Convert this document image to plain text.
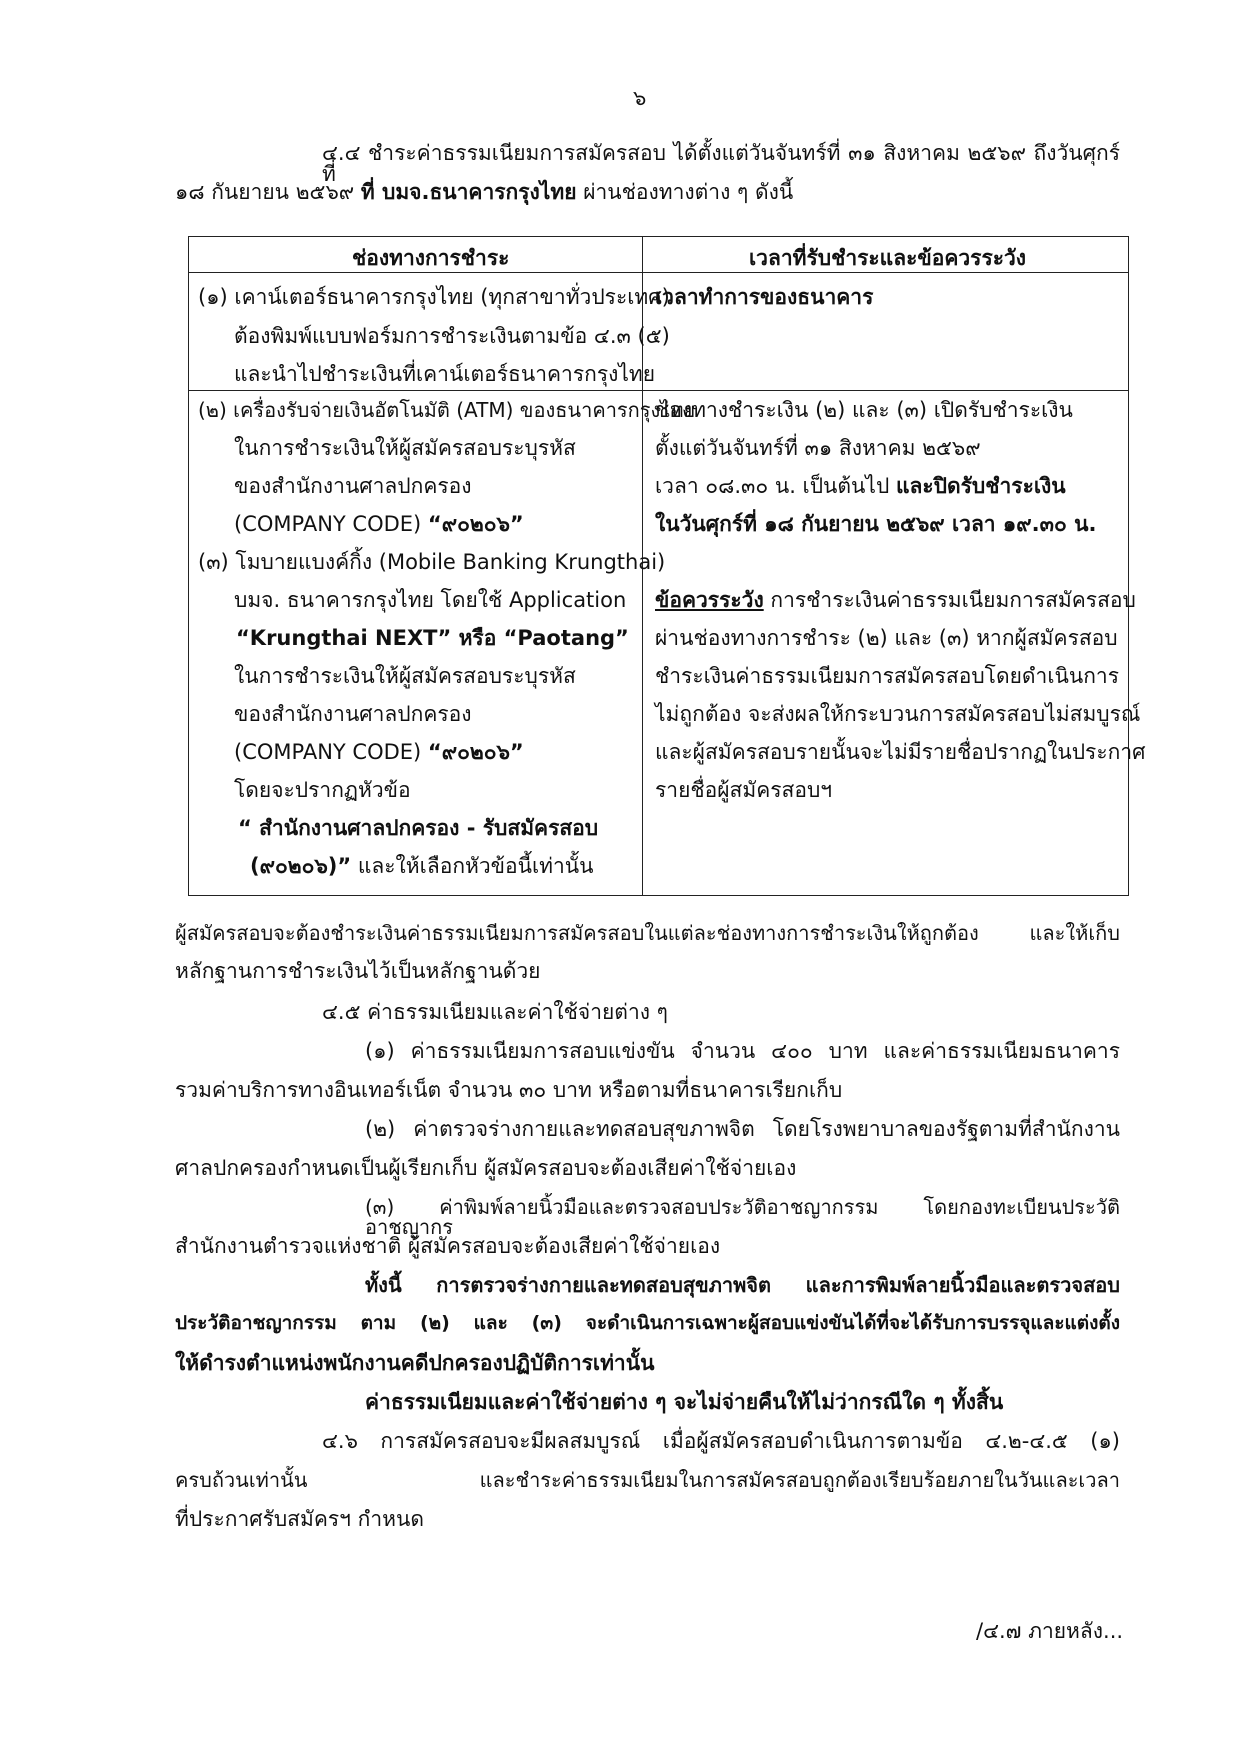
๖
๔.๔ ชำระค่าธรรมเนียมการสมัครสอบ ได้ตั้งแต่วันจันทร์ที่ ๓๑ สิงหาคม ๒๕๖๙ ถึงวันศุกร์ที่
๑๘ กันยายน ๒๕๖๙ ที่ บมจ.ธนาคารกรุงไทย ผ่านช่องทางต่าง ๆ ดังนี้
ช่องทางการชำระ	เวลาที่รับชำระและข้อควรระวัง
(๑) เคาน์เตอร์ธนาคารกรุงไทย (ทุกสาขาทั่วประเทศ)
ต้องพิมพ์แบบฟอร์มการชำระเงินตามข้อ ๔.๓ (๕)
และนำไปชำระเงินที่เคาน์เตอร์ธนาคารกรุงไทย
เวลาทำการของธนาคาร
(๒) เครื่องรับจ่ายเงินอัตโนมัติ (ATM) ของธนาคารกรุงไทย
ในการชำระเงินให้ผู้สมัครสอบระบุรหัส
ของสำนักงานศาลปกครอง
(COMPANY CODE) “๙๐๒๐๖”
(๓) โมบายแบงค์กิ้ง (Mobile Banking Krungthai)
บมจ. ธนาคารกรุงไทย โดยใช้ Application
“Krungthai NEXT” หรือ “Paotang”
ในการชำระเงินให้ผู้สมัครสอบระบุรหัส
ของสำนักงานศาลปกครอง
(COMPANY CODE) “๙๐๒๐๖”
โดยจะปรากฏหัวข้อ
“ สำนักงานศาลปกครอง - รับสมัครสอบ
(๙๐๒๐๖)” และให้เลือกหัวข้อนี้เท่านั้น
ช่องทางชำระเงิน (๒) และ (๓) เปิดรับชำระเงิน
ตั้งแต่วันจันทร์ที่ ๓๑ สิงหาคม ๒๕๖๙
เวลา ๐๘.๓๐ น. เป็นต้นไป และปิดรับชำระเงิน
ในวันศุกร์ที่ ๑๘ กันยายน ๒๕๖๙ เวลา ๑๙.๓๐ น.
ข้อควรระวัง การชำระเงินค่าธรรมเนียมการสมัครสอบ
ผ่านช่องทางการชำระ (๒) และ (๓) หากผู้สมัครสอบ
ชำระเงินค่าธรรมเนียมการสมัครสอบโดยดำเนินการ
ไม่ถูกต้อง จะส่งผลให้กระบวนการสมัครสอบไม่สมบูรณ์
และผู้สมัครสอบรายนั้นจะไม่มีรายชื่อปรากฏในประกาศ
รายชื่อผู้สมัครสอบฯ
ผู้สมัครสอบจะต้องชำระเงินค่าธรรมเนียมการสมัครสอบในแต่ละช่องทางการชำระเงินให้ถูกต้อง และให้เก็บ
หลักฐานการชำระเงินไว้เป็นหลักฐานด้วย
๔.๕ ค่าธรรมเนียมและค่าใช้จ่ายต่าง ๆ
(๑) ค่าธรรมเนียมการสอบแข่งขัน จำนวน ๔๐๐ บาท และค่าธรรมเนียมธนาคาร
รวมค่าบริการทางอินเทอร์เน็ต จำนวน ๓๐ บาท หรือตามที่ธนาคารเรียกเก็บ
(๒) ค่าตรวจร่างกายและทดสอบสุขภาพจิต โดยโรงพยาบาลของรัฐตามที่สำนักงาน
ศาลปกครองกำหนดเป็นผู้เรียกเก็บ ผู้สมัครสอบจะต้องเสียค่าใช้จ่ายเอง
(๓) ค่าพิมพ์ลายนิ้วมือและตรวจสอบประวัติอาชญากรรม โดยกองทะเบียนประวัติอาชญากร
สำนักงานตำรวจแห่งชาติ ผู้สมัครสอบจะต้องเสียค่าใช้จ่ายเอง
ทั้งนี้ การตรวจร่างกายและทดสอบสุขภาพจิต และการพิมพ์ลายนิ้วมือและตรวจสอบ
ประวัติอาชญากรรม ตาม (๒) และ (๓) จะดำเนินการเฉพาะผู้สอบแข่งขันได้ที่จะได้รับการบรรจุและแต่งตั้ง
ให้ดำรงตำแหน่งพนักงานคดีปกครองปฏิบัติการเท่านั้น
ค่าธรรมเนียมและค่าใช้จ่ายต่าง ๆ จะไม่จ่ายคืนให้ไม่ว่ากรณีใด ๆ ทั้งสิ้น
๔.๖ การสมัครสอบจะมีผลสมบูรณ์ เมื่อผู้สมัครสอบดำเนินการตามข้อ ๔.๒-๔.๕ (๑)
ครบถ้วนเท่านั้น และชำระค่าธรรมเนียมในการสมัครสอบถูกต้องเรียบร้อยภายในวันและเวลา
ที่ประกาศรับสมัครฯ กำหนด
/๔.๗ ภายหลัง...
